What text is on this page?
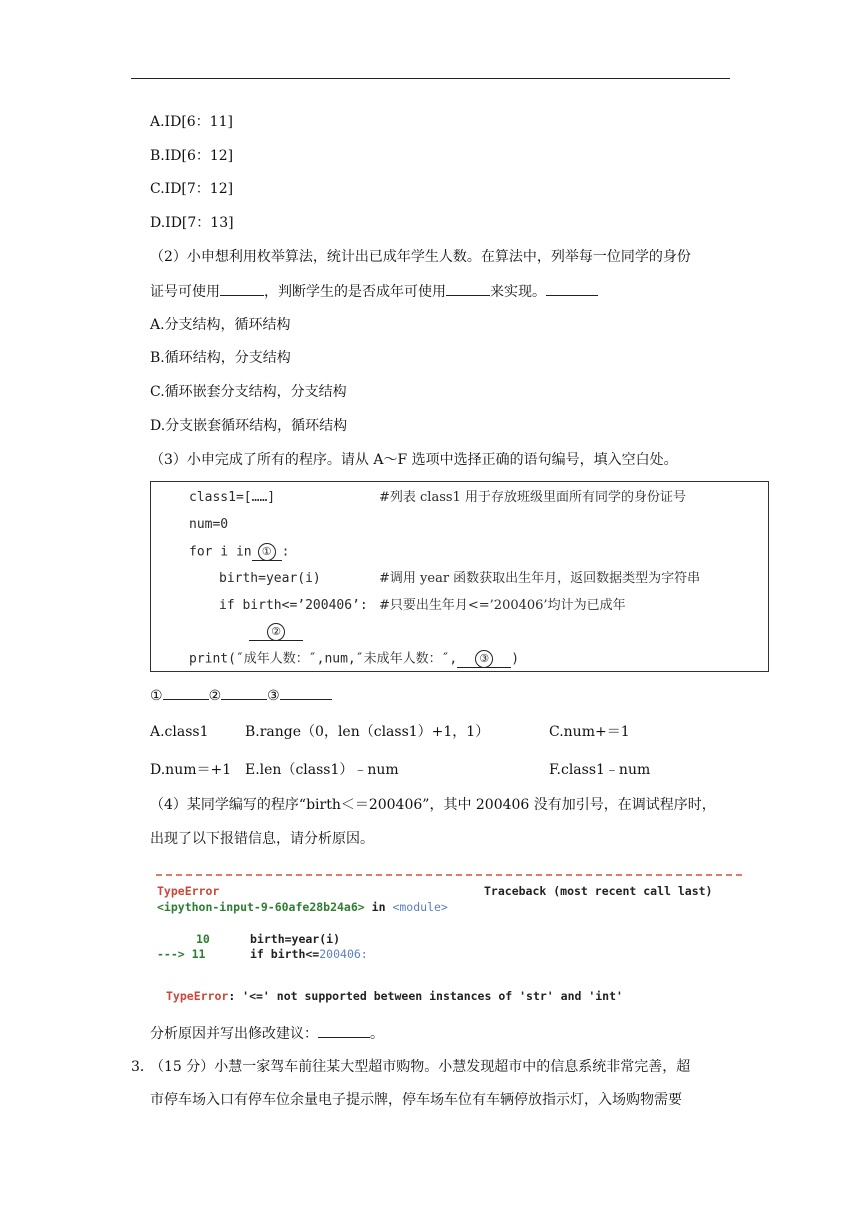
A.ID[6：11]
B.ID[6：12]
C.ID[7：12]
D.ID[7：13]
（2）小申想利用枚举算法，统计出已成年学生人数。在算法中，列举每一位同学的身份
证号可使用	，判断学生的是否成年可使用	来实现。
A.分支结构，循环结构
B.循环结构，分支结构
C.循环嵌套分支结构，分支结构
D.分支嵌套循环结构，循环结构
（3）小申完成了所有的程序。请从 A～F 选项中选择正确的语句编号，填入空白处。
class1=[……]	#列表 class1 用于存放班级里面所有同学的身份证号
num=0
for i in ① :
birth=year(i)	#调用 year 函数获取出生年月，返回数据类型为字符串
if birth<=’200406’: #只要出生年月<=’200406’均计为已成年
②
print(″成年人数：″,num,″未成年人数：″, ③ )
①	②	③
A.class1	B.range（0，len（class1）+1，1）	C.num+＝1
D.num＝+1 E.len（class1）﹣num	F.class1﹣num
（4）某同学编写的程序“birth＜＝200406”，其中 200406 没有加引号，在调试程序时，
出现了以下报错信息，请分析原因。
TypeError	Traceback (most recent call last)
<ipython-input-9-60afe28b24a6> in <module>
10	birth=year(i)
---> 11	if birth<=200406:
TypeError: '<=' not supported between instances of 'str' and 'int'
分析原因并写出修改建议：	。
3．
（15 分）小慧一家驾车前往某大型超市购物。小慧发现超市中的信息系统非常完善，超
市停车场入口有停车位余量电子提示牌，停车场车位有车辆停放指示灯，入场购物需要
